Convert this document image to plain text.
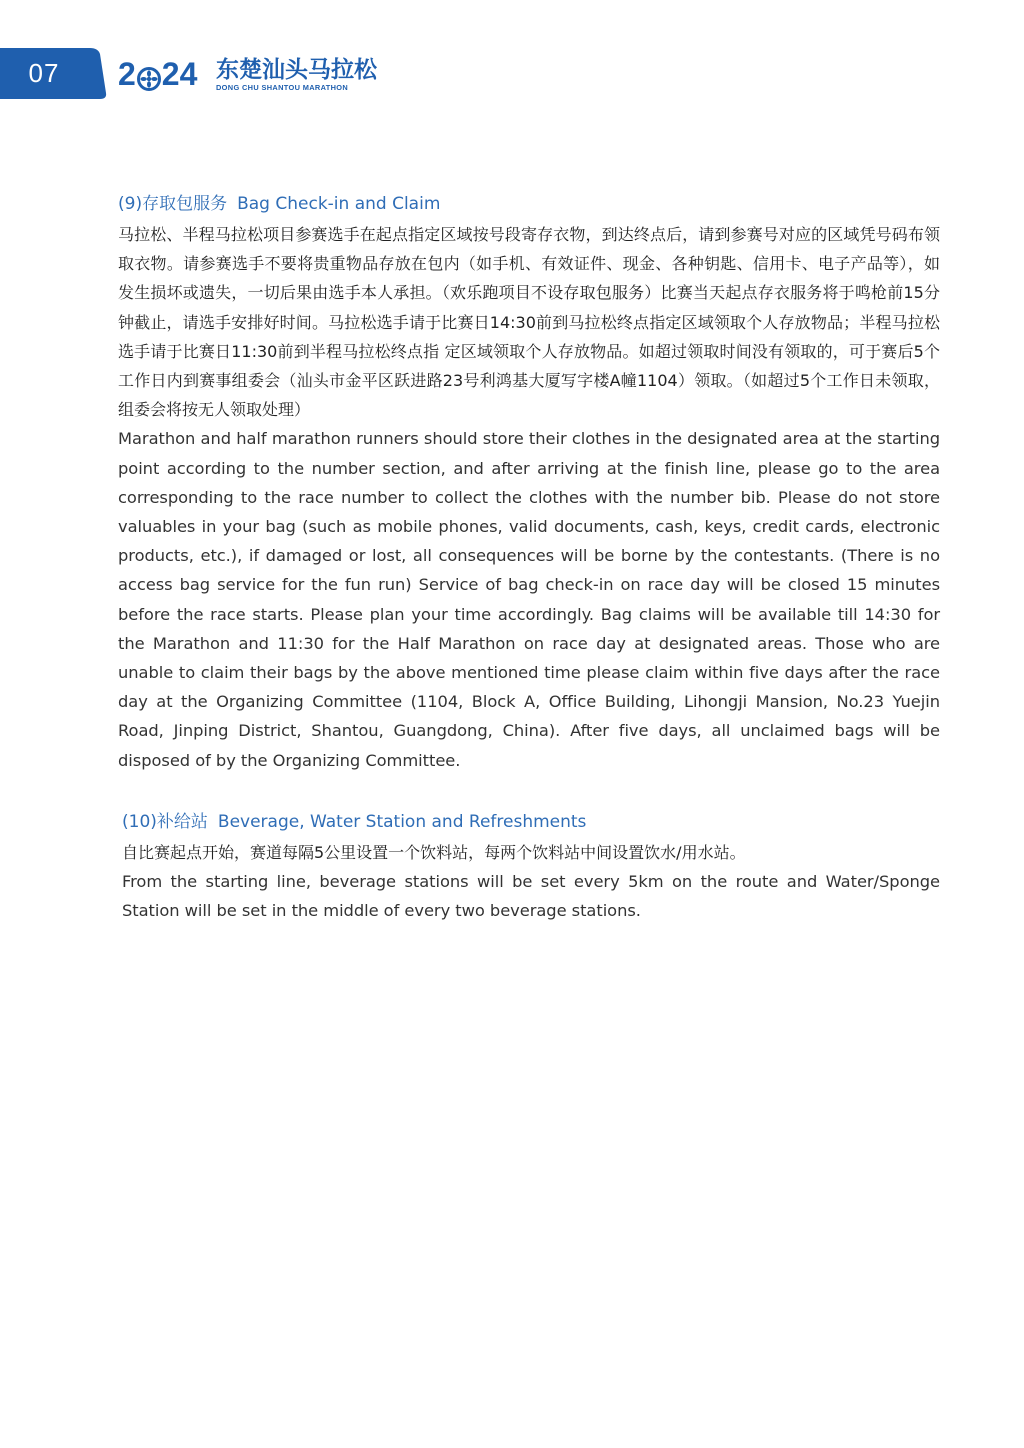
07	2 24 东楚汕头马拉松
DONG CHU SHANTOU MARATHON
(9)存取包服务 Bag Check-in and Claim

马拉松、半程马拉松项目参赛选手在起点指定区域按号段寄存衣物，到达终点后，请到参赛号对应的区域凭号码布领取衣物。请参赛选手不要将贵重物品存放在包内（如手机、有效证件、现金、各种钥匙、信用卡、电子产品等），如发生损坏或遗失，一切后果由选手本人承担。（欢乐跑项目不设存取包服务）比赛当天起点存衣服务将于鸣枪前15分钟截止，请选手安排好时间。马拉松选手请于比赛日14:30前到马拉松终点指定区域领取个人存放物品；半程马拉松选手请于比赛日11:30前到半程马拉松终点指 定区域领取个人存放物品。如超过领取时间没有领取的，可于赛后5个工作日内到赛事组委会（汕头市金平区跃进路23号利鸿基大厦写字楼A幢1104）领取。（如超过5个工作日未领取，组委会将按无人领取处理）

Marathon and half marathon runners should store their clothes in the designated area at the starting point according to the number section, and after arriving at the finish line, please go to the area corresponding to the race number to collect the clothes with the number bib. Please do not store valuables in your bag (such as mobile phones, valid documents, cash, keys, credit cards, electronic products, etc.), if damaged or lost, all consequences will be borne by the contestants. (There is no access bag service for the fun run) Service of bag check-in on race day will be closed 15 minutes before the race starts. Please plan your time accordingly. Bag claims will be available till 14:30 for the Marathon and 11:30 for the Half Marathon on race day at designated areas. Those who are unable to claim their bags by the above mentioned time please claim within five days after the race day at the Organizing Committee (1104, Block A, Office Building, Lihongji Mansion, No.23 Yuejin Road, Jinping District, Shantou, Guangdong, China). After five days, all unclaimed bags will be disposed of by the Organizing Committee.

(10)补给站 Beverage, Water Station and Refreshments

自比赛起点开始，赛道每隔5公里设置一个饮料站，每两个饮料站中间设置饮水/用水站。

From the starting line, beverage stations will be set every 5km on the route and Water/Sponge Station will be set in the middle of every two beverage stations.
